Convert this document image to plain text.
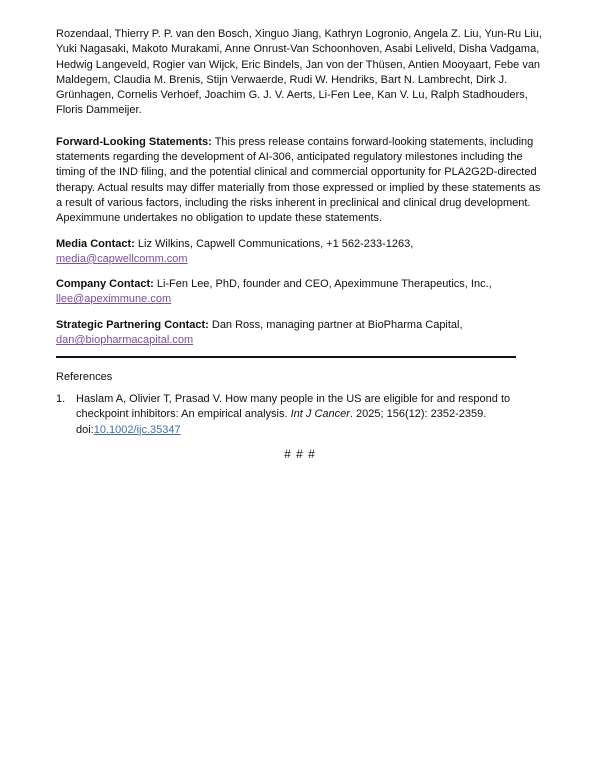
Rozendaal, Thierry P. P. van den Bosch, Xinguo Jiang, Kathryn Logronio, Angela Z. Liu, Yun-Ru Liu, Yuki Nagasaki, Makoto Murakami, Anne Onrust-Van Schoonhoven, Asabi Leliveld, Disha Vadgama, Hedwig Langeveld, Rogier van Wijck, Eric Bindels, Jan von der Thüsen, Antien Mooyaart, Febe van Maldegem, Claudia M. Brenis, Stijn Verwaerde, Rudi W. Hendriks, Bart N. Lambrecht, Dirk J. Grünhagen, Cornelis Verhoef, Joachim G. J. V. Aerts, Li-Fen Lee, Kan V. Lu, Ralph Stadhouders, Floris Dammeijer.

Forward-Looking Statements: This press release contains forward-looking statements, including statements regarding the development of AI-306, anticipated regulatory milestones including the timing of the IND filing, and the potential clinical and commercial opportunity for PLA2G2D-directed therapy. Actual results may differ materially from those expressed or implied by these statements as a result of various factors, including the risks inherent in preclinical and clinical drug development. Apeximmune undertakes no obligation to update these statements.

Media Contact: Liz Wilkins, Capwell Communications, +1 562-233-1263, media@capwellcomm.com

Company Contact: Li-Fen Lee, PhD, founder and CEO, Apeximmune Therapeutics, Inc.,
llee@apeximmune.com

Strategic Partnering Contact: Dan Ross, managing partner at BioPharma Capital,
dan@biopharmacapital.com

References
1. Haslam A, Olivier T, Prasad V. How many people in the US are eligible for and respond to checkpoint inhibitors: An empirical analysis. Int J Cancer. 2025; 156(12): 2352-2359. doi:10.1002/ijc.35347
# # #
